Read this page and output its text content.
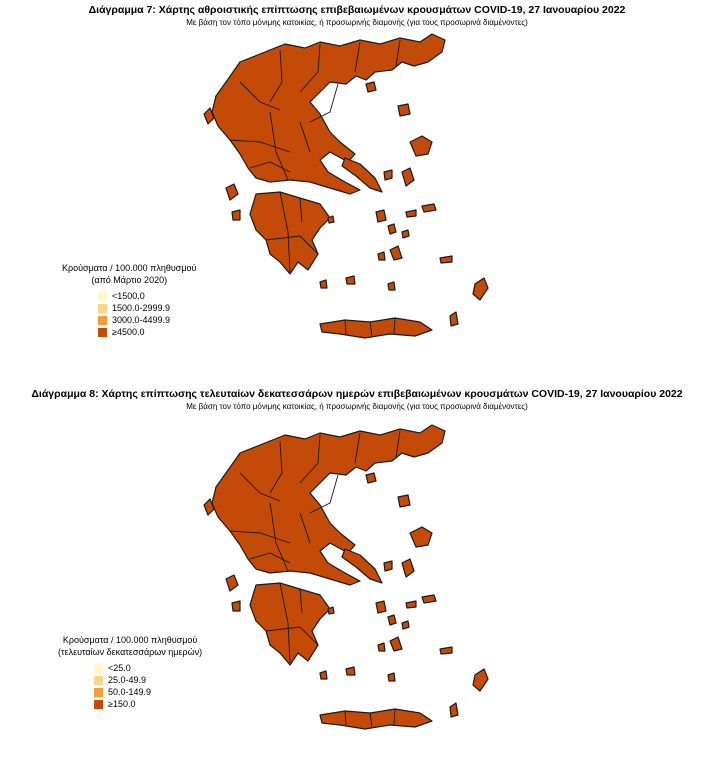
Διάγραμμα 7: Χάρτης αθροιστικής επίπτωσης επιβεβαιωμένων κρουσμάτων COVID-19, 27 Ιανουαρίου 2022
Με βάση τον τόπο μόνιμης κατοικίας, ή προσωρινής διαμονής (για τους προσωρινά διαμένοντες)
Κρούσματα / 100.000 πληθυσμού
(από Μάρτιο 2020)
<1500.0
1500.0-2999.9
3000.0-4499.9
≥4500.0
Διάγραμμα 8: Χάρτης επίπτωσης τελευταίων δεκατεσσάρων ημερών επιβεβαιωμένων κρουσμάτων COVID-19, 27 Ιανουαρίου 2022
Με βάση τον τόπο μόνιμης κατοικίας, ή προσωρινής διαμονής (για τους προσωρινά διαμένοντες)
Κρούσματα / 100.000 πληθυσμού
(τελευταίων δεκατεσσάρων ημερών)
<25.0
25.0-49.9
50.0-149.9
≥150.0
